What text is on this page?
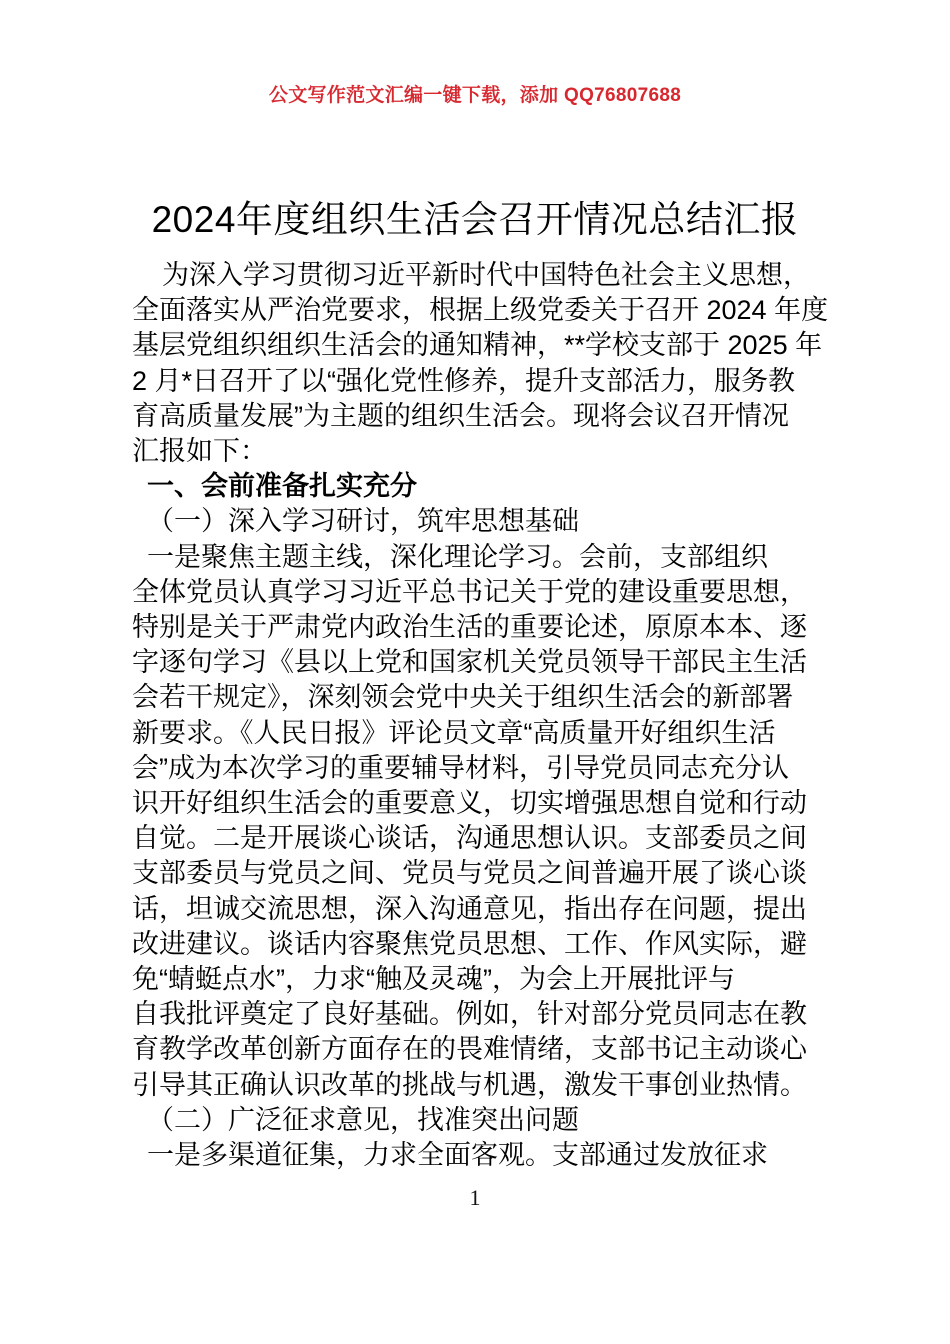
公文写作范文汇编一键下载，添加 QQ76807688
2024年度组织生活会召开情况总结汇报
为深入学习贯彻习近平新时代中国特色社会主义思想，
全面落实从严治党要求，根据上级党委关于召开 2024 年度
基层党组织组织生活会的通知精神，**学校支部于 2025 年
2 月*日召开了以“强化党性修养，提升支部活力，服务教
育高质量发展”为主题的组织生活会。现将会议召开情况
汇报如下：
一、会前准备扎实充分
（一）深入学习研讨，筑牢思想基础
一是聚焦主题主线，深化理论学习。会前，支部组织
全体党员认真学习习近平总书记关于党的建设重要思想，
特别是关于严肃党内政治生活的重要论述，原原本本、逐
字逐句学习《县以上党和国家机关党员领导干部民主生活
会若干规定》，深刻领会党中央关于组织生活会的新部署
新要求。《人民日报》评论员文章“高质量开好组织生活
会”成为本次学习的重要辅导材料，引导党员同志充分认
识开好组织生活会的重要意义，切实增强思想自觉和行动
自觉。二是开展谈心谈话，沟通思想认识。支部委员之间
支部委员与党员之间、党员与党员之间普遍开展了谈心谈
话，坦诚交流思想，深入沟通意见，指出存在问题，提出
改进建议。谈话内容聚焦党员思想、工作、作风实际，避
免“蜻蜓点水”，力求“触及灵魂”，为会上开展批评与
自我批评奠定了良好基础。例如，针对部分党员同志在教
育教学改革创新方面存在的畏难情绪，支部书记主动谈心
引导其正确认识改革的挑战与机遇，激发干事创业热情。
（二）广泛征求意见，找准突出问题
一是多渠道征集，力求全面客观。支部通过发放征求
1
